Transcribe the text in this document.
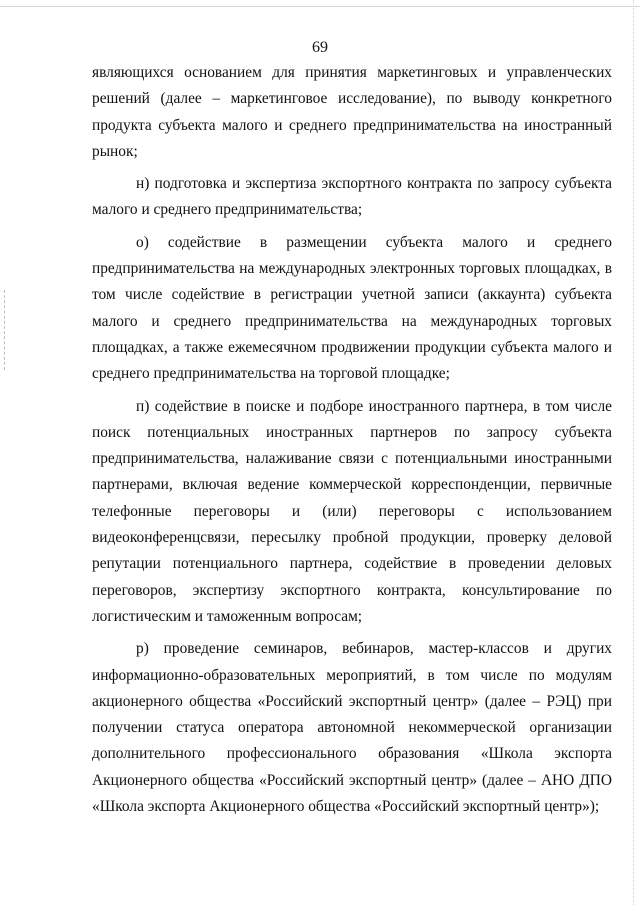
69

являющихся основанием для принятия маркетинговых и управленческих решений (далее – маркетинговое исследование), по выводу конкретного продукта субъекта малого и среднего предпринимательства на иностранный рынок;

н) подготовка и экспертиза экспортного контракта по запросу субъекта малого и среднего предпринимательства;

о) содействие в размещении субъекта малого и среднего предпринимательства на международных электронных торговых площадках, в том числе содействие в регистрации учетной записи (аккаунта) субъекта малого и среднего предпринимательства на международных торговых площадках, а также ежемесячном продвижении продукции субъекта малого и среднего предпринимательства на торговой площадке;

п) содействие в поиске и подборе иностранного партнера, в том числе поиск потенциальных иностранных партнеров по запросу субъекта предпринимательства, налаживание связи с потенциальными иностранными партнерами, включая ведение коммерческой корреспонденции, первичные телефонные переговоры и (или) переговоры с использованием видеоконференцсвязи, пересылку пробной продукции, проверку деловой репутации потенциального партнера, содействие в проведении деловых переговоров, экспертизу экспортного контракта, консультирование по логистическим и таможенным вопросам;

р) проведение семинаров, вебинаров, мастер-классов и других информационно-образовательных мероприятий, в том числе по модулям акционерного общества «Российский экспортный центр» (далее – РЭЦ) при получении статуса оператора автономной некоммерческой организации дополнительного профессионального образования «Школа экспорта Акционерного общества «Российский экспортный центр» (далее – АНО ДПО «Школа экспорта Акционерного общества «Российский экспортный центр»);
